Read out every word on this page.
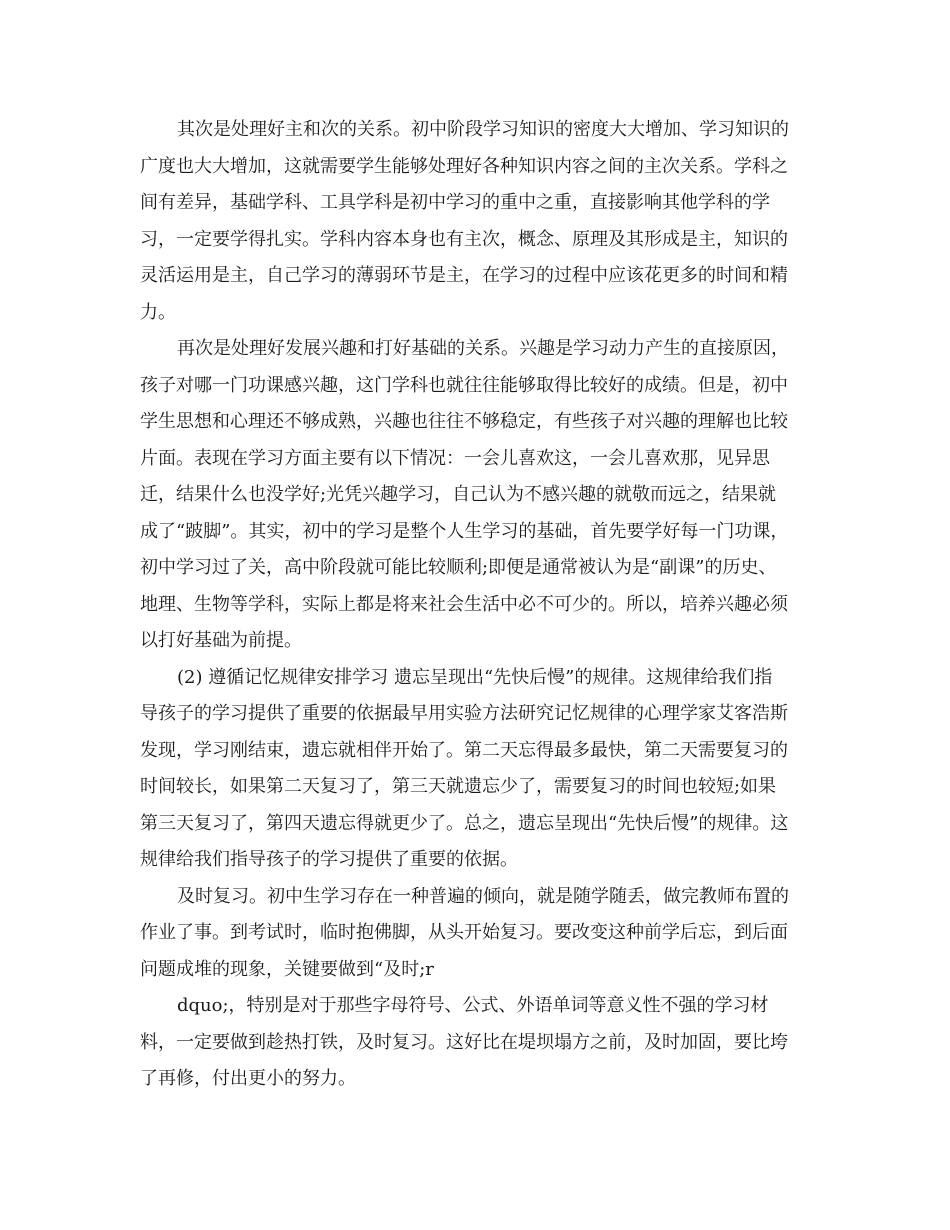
其次是处理好主和次的关系。初中阶段学习知识的密度大大增加、学习知识的
广度也大大增加，这就需要学生能够处理好各种知识内容之间的主次关系。学科之
间有差异，基础学科、工具学科是初中学习的重中之重，直接影响其他学科的学
习，一定要学得扎实。学科内容本身也有主次，概念、原理及其形成是主，知识的
灵活运用是主，自己学习的薄弱环节是主，在学习的过程中应该花更多的时间和精
力。
再次是处理好发展兴趣和打好基础的关系。兴趣是学习动力产生的直接原因，
孩子对哪一门功课感兴趣，这门学科也就往往能够取得比较好的成绩。但是，初中
学生思想和心理还不够成熟，兴趣也往往不够稳定，有些孩子对兴趣的理解也比较
片面。表现在学习方面主要有以下情况：一会儿喜欢这，一会儿喜欢那，见异思
迁，结果什么也没学好;光凭兴趣学习，自己认为不感兴趣的就敬而远之，结果就
成了“跛脚”。其实，初中的学习是整个人生学习的基础，首先要学好每一门功课，
初中学习过了关，高中阶段就可能比较顺利;即便是通常被认为是“副课”的历史、
地理、生物等学科，实际上都是将来社会生活中必不可少的。所以，培养兴趣必须
以打好基础为前提。
(2) 遵循记忆规律安排学习 遗忘呈现出“先快后慢”的规律。这规律给我们指
导孩子的学习提供了重要的依据最早用实验方法研究记忆规律的心理学家艾客浩斯
发现，学习刚结束，遗忘就相伴开始了。第二天忘得最多最快，第二天需要复习的
时间较长，如果第二天复习了，第三天就遗忘少了，需要复习的时间也较短;如果
第三天复习了，第四天遗忘得就更少了。总之，遗忘呈现出“先快后慢”的规律。这
规律给我们指导孩子的学习提供了重要的依据。
及时复习。初中生学习存在一种普遍的倾向，就是随学随丢，做完教师布置的
作业了事。到考试时，临时抱佛脚，从头开始复习。要改变这种前学后忘，到后面
问题成堆的现象，关键要做到“及时;r
dquo;，特别是对于那些字母符号、公式、外语单词等意义性不强的学习材
料，一定要做到趁热打铁，及时复习。这好比在堤坝塌方之前，及时加固，要比垮
了再修，付出更小的努力。
